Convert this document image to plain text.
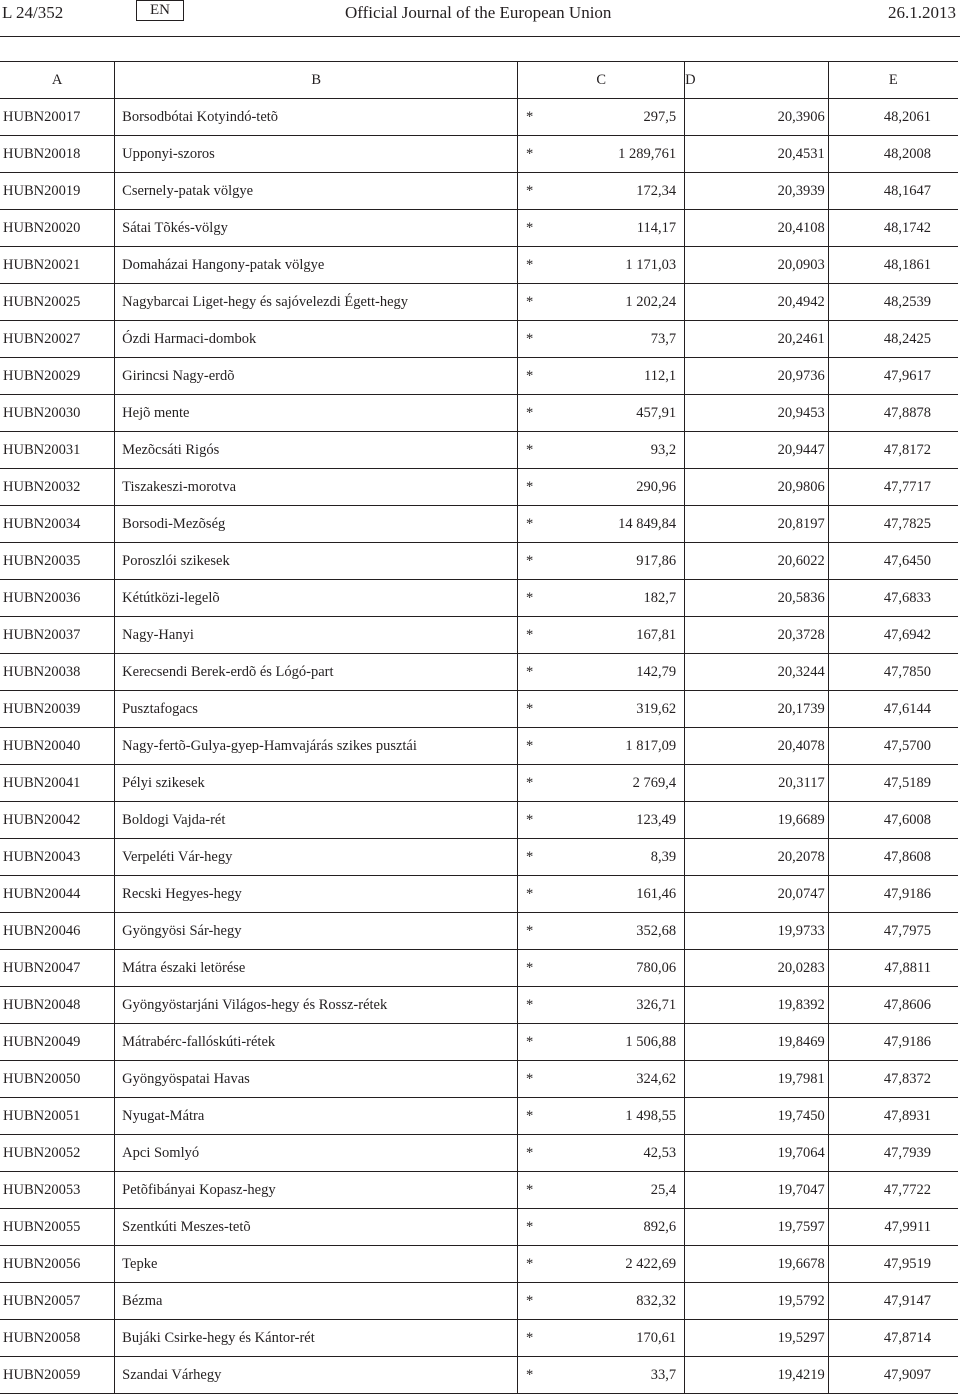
L 24/352	EN	Official Journal of the European Union	26.1.2013
A	B	C		D	E
HUBN20017	Borsodbótai Kotyindó-tetõ	*	297,5	20,3906	48,2061
HUBN20018	Upponyi-szoros	*	1 289,761	20,4531	48,2008
HUBN20019	Csernely-patak völgye	*	172,34	20,3939	48,1647
HUBN20020	Sátai Tõkés-völgy	*	114,17	20,4108	48,1742
HUBN20021	Domaházai Hangony-patak völgye	*	1 171,03	20,0903	48,1861
HUBN20025	Nagybarcai Liget-hegy és sajóvelezdi Égett-hegy	*	1 202,24	20,4942	48,2539
HUBN20027	Ózdi Harmaci-dombok	*	73,7	20,2461	48,2425
HUBN20029	Girincsi Nagy-erdõ	*	112,1	20,9736	47,9617
HUBN20030	Hejõ mente	*	457,91	20,9453	47,8878
HUBN20031	Mezõcsáti Rigós	*	93,2	20,9447	47,8172
HUBN20032	Tiszakeszi-morotva	*	290,96	20,9806	47,7717
HUBN20034	Borsodi-Mezõség	*	14 849,84	20,8197	47,7825
HUBN20035	Poroszlói szikesek	*	917,86	20,6022	47,6450
HUBN20036	Kétútközi-legelõ	*	182,7	20,5836	47,6833
HUBN20037	Nagy-Hanyi	*	167,81	20,3728	47,6942
HUBN20038	Kerecsendi Berek-erdõ és Lógó-part	*	142,79	20,3244	47,7850
HUBN20039	Pusztafogacs	*	319,62	20,1739	47,6144
HUBN20040	Nagy-fertõ-Gulya-gyep-Hamvajárás szikes pusztái	*	1 817,09	20,4078	47,5700
HUBN20041	Pélyi szikesek	*	2 769,4	20,3117	47,5189
HUBN20042	Boldogi Vajda-rét	*	123,49	19,6689	47,6008
HUBN20043	Verpeléti Vár-hegy	*	8,39	20,2078	47,8608
HUBN20044	Recski Hegyes-hegy	*	161,46	20,0747	47,9186
HUBN20046	Gyöngyösi Sár-hegy	*	352,68	19,9733	47,7975
HUBN20047	Mátra északi letörése	*	780,06	20,0283	47,8811
HUBN20048	Gyöngyöstarjáni Világos-hegy és Rossz-rétek	*	326,71	19,8392	47,8606
HUBN20049	Mátrabérc-fallóskúti-rétek	*	1 506,88	19,8469	47,9186
HUBN20050	Gyöngyöspatai Havas	*	324,62	19,7981	47,8372
HUBN20051	Nyugat-Mátra	*	1 498,55	19,7450	47,8931
HUBN20052	Apci Somlyó	*	42,53	19,7064	47,7939
HUBN20053	Petõfibányai Kopasz-hegy	*	25,4	19,7047	47,7722
HUBN20055	Szentkúti Meszes-tetõ	*	892,6	19,7597	47,9911
HUBN20056	Tepke	*	2 422,69	19,6678	47,9519
HUBN20057	Bézma	*	832,32	19,5792	47,9147
HUBN20058	Bujáki Csirke-hegy és Kántor-rét	*	170,61	19,5297	47,8714
HUBN20059	Szandai Várhegy	*	33,7	19,4219	47,9097
